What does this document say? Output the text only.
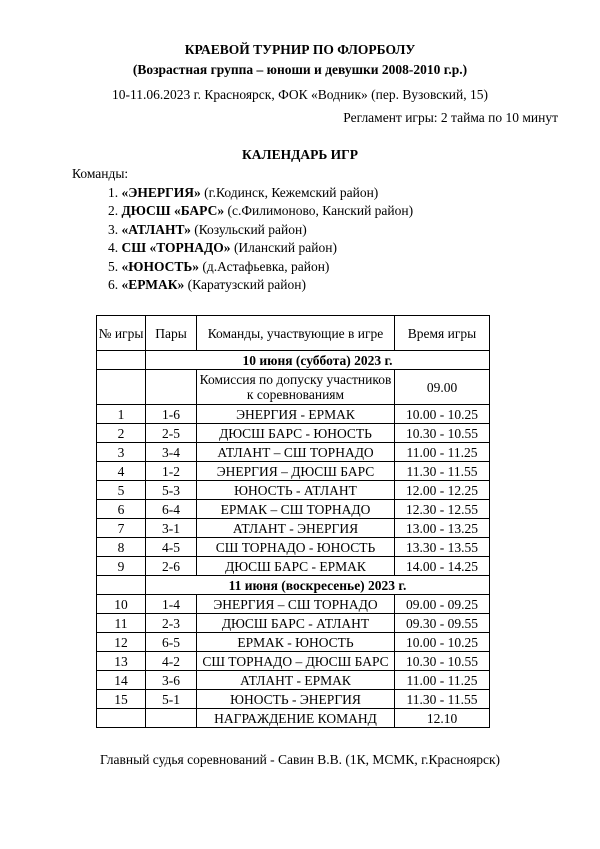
КРАЕВОЙ ТУРНИР ПО ФЛОРБОЛУ
(Возрастная группа – юноши и девушки 2008-2010 г.р.)
10-11.06.2023 г. Красноярск, ФОК «Водник» (пер. Вузовский, 15)
Регламент игры: 2 тайма по 10 минут
КАЛЕНДАРЬ ИГР
Команды:
1. «ЭНЕРГИЯ» (г.Кодинск, Кежемский район)
2. ДЮСШ «БАРС» (с.Филимоново, Канский район)
3. «АТЛАНТ» (Козульский район)
4. СШ «ТОРНАДО» (Иланский район)
5. «ЮНОСТЬ» (д.Астафьевка, район)
6. «ЕРМАК» (Каратузский район)
№ игры	Пары	Команды, участвующие в игре	Время игры
	10 июня (суббота) 2023 г.		
		Комиссия по допуску участников к соревнованиям	09.00
1	1-6	ЭНЕРГИЯ - ЕРМАК	10.00 - 10.25
2	2-5	ДЮСШ БАРС - ЮНОСТЬ	10.30 - 10.55
3	3-4	АТЛАНТ – СШ ТОРНАДО	11.00 - 11.25
4	1-2	ЭНЕРГИЯ – ДЮСШ БАРС	11.30 - 11.55
5	5-3	ЮНОСТЬ - АТЛАНТ	12.00 - 12.25
6	6-4	ЕРМАК – СШ ТОРНАДО	12.30 - 12.55
7	3-1	АТЛАНТ - ЭНЕРГИЯ	13.00 - 13.25
8	4-5	СШ ТОРНАДО - ЮНОСТЬ	13.30 - 13.55
9	2-6	ДЮСШ БАРС - ЕРМАК	14.00 - 14.25
	11 июня (воскресенье) 2023 г.		
10	1-4	ЭНЕРГИЯ – СШ ТОРНАДО	09.00 - 09.25
11	2-3	ДЮСШ БАРС - АТЛАНТ	09.30 - 09.55
12	6-5	ЕРМАК - ЮНОСТЬ	10.00 - 10.25
13	4-2	СШ ТОРНАДО – ДЮСШ БАРС	10.30 - 10.55
14	3-6	АТЛАНТ - ЕРМАК	11.00 - 11.25
15	5-1	ЮНОСТЬ - ЭНЕРГИЯ	11.30 - 11.55
		НАГРАЖДЕНИЕ КОМАНД	12.10
Главный судья соревнований - Савин В.В. (1К, МСМК, г.Красноярск)
